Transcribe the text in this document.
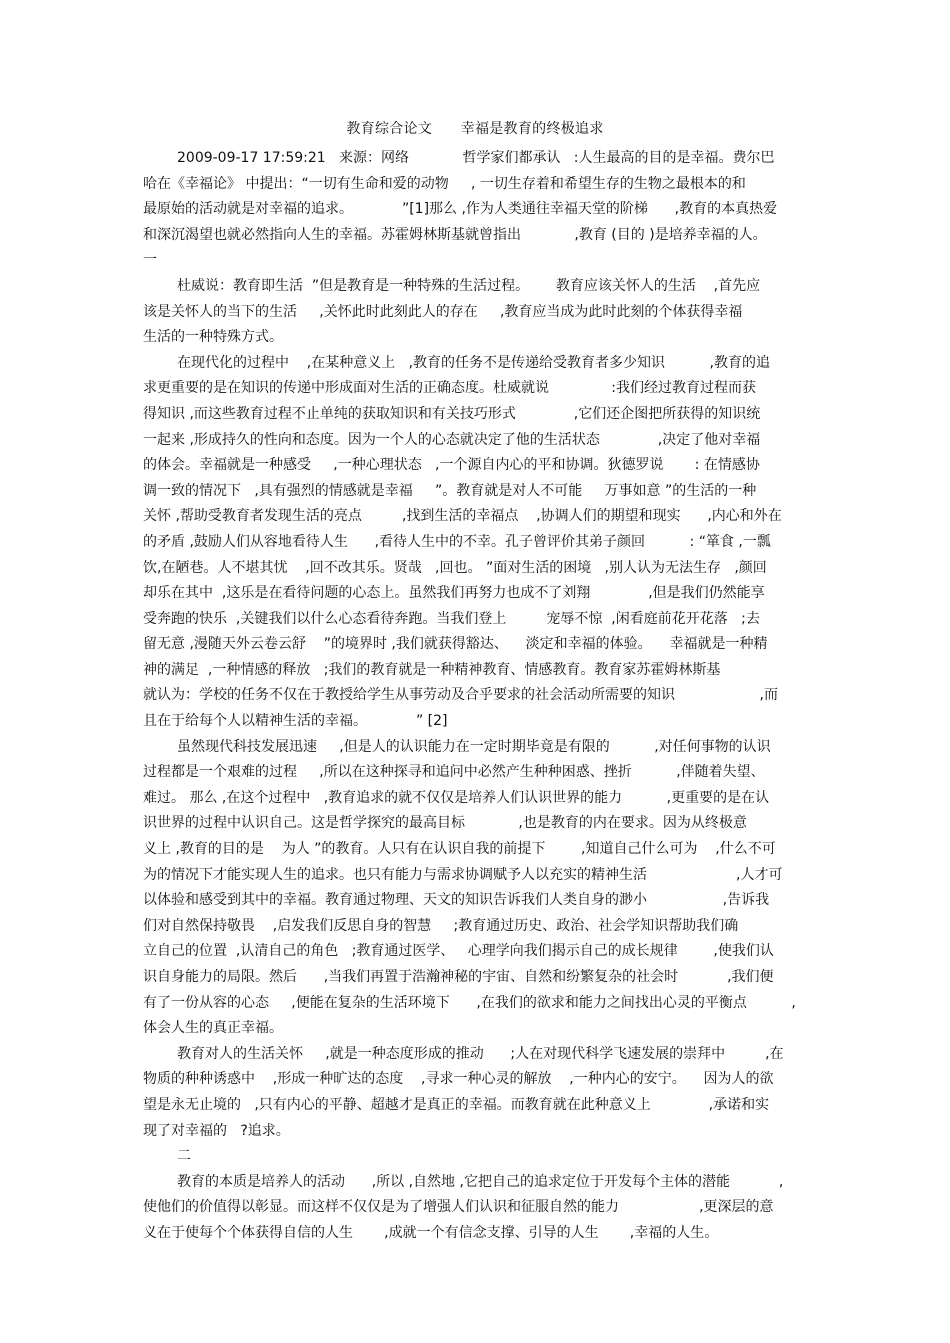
教育综合论文      幸福是教育的终极追求
2009-09-17 17:59:21   来源：网络            哲学家们都承认   :人生最高的目的是幸福。费尔巴
哈在《幸福论》 中提出：“一切有生命和爱的动物     , 一切生存着和希望生存的生物之最根本的和
最原始的活动就是对幸福的追求。           ”[1]那么 ,作为人类通往幸福天堂的阶梯      ,教育的本真热爱
和深沉渴望也就必然指向人生的幸福。苏霍姆林斯基就曾指出            ,教育 (目的 )是培养幸福的人。
一
杜威说：教育即生活  ”但是教育是一种特殊的生活过程。      教育应该关怀人的生活    ,首先应
该是关怀人的当下的生活     ,关怀此时此刻此人的存在     ,教育应当成为此时此刻的个体获得幸福
生活的一种特殊方式。
在现代化的过程中    ,在某种意义上   ,教育的任务不是传递给受教育者多少知识          ,教育的追
求更重要的是在知识的传递中形成面对生活的正确态度。杜威就说              :我们经过教育过程而获
得知识 ,而这些教育过程不止单纯的获取知识和有关技巧形式             ,它们还企图把所获得的知识统
一起来 ,形成持久的性向和态度。因为一个人的心态就决定了他的生活状态             ,决定了他对幸福
的体会。幸福就是一种感受     ,一种心理状态   ,一个源自内心的平和协调。狄德罗说       : 在情感协
调一致的情况下   ,具有强烈的情感就是幸福     ”。教育就是对人不可能     万事如意 ”的生活的一种
关怀 ,帮助受教育者发现生活的亮点         ,找到生活的幸福点    ,协调人们的期望和现实      ,内心和外在
的矛盾 ,鼓励人们从容地看待人生      ,看待人生中的不幸。孔子曾评价其弟子颜回          : “箪食 ,一瓢
饮,在陋巷。人不堪其忧    ,回不改其乐。贤哉   ,回也。 ”面对生活的困境   ,别人认为无法生存   ,颜回
却乐在其中  ,这乐是在看待问题的心态上。虽然我们再努力也成不了刘翔             ,但是我们仍然能享
受奔跑的快乐  ,关键我们以什么心态看待奔跑。当我们登上         宠辱不惊  ,闲看庭前花开花落   ;去
留无意 ,漫随天外云卷云舒    ”的境界时 ,我们就获得豁达、    淡定和幸福的体验。    幸福就是一种精
神的满足  ,一种情感的释放   ;我们的教育就是一种精神教育、情感教育。教育家苏霍姆林斯基
就认为：学校的任务不仅在于教授给学生从事劳动及合乎要求的社会活动所需要的知识                   ,而
且在于给每个人以精神生活的幸福。           ” [2]
虽然现代科技发展迅速     ,但是人的认识能力在一定时期毕竟是有限的          ,对任何事物的认识
过程都是一个艰难的过程     ,所以在这种探寻和追问中必然产生种种困惑、挫折          ,伴随着失望、
难过。 那么 ,在这个过程中   ,教育追求的就不仅仅是培养人们认识世界的能力          ,更重要的是在认
识世界的过程中认识自己。这是哲学探究的最高目标            ,也是教育的内在要求。因为从终极意
义上 ,教育的目的是    为人 ”的教育。人只有在认识自我的前提下        ,知道自己什么可为    ,什么不可
为的情况下才能实现人生的追求。也只有能力与需求协调赋予人以充实的精神生活                    ,人才可
以体验和感受到其中的幸福。教育通过物理、天文的知识告诉我们人类自身的渺小                 ,告诉我
们对自然保持敬畏    ,启发我们反思自身的智慧     ;教育通过历史、政治、社会学知识帮助我们确
立自己的位置  ,认清自己的角色   ;教育通过医学、   心理学向我们揭示自己的成长规律        ,使我们认
识自身能力的局限。然后      ,当我们再置于浩瀚神秘的宇宙、自然和纷繁复杂的社会时           ,我们便
有了一份从容的心态     ,便能在复杂的生活环境下      ,在我们的欲求和能力之间找出心灵的平衡点          ,
体会人生的真正幸福。
教育对人的生活关怀     ,就是一种态度形成的推动      ;人在对现代科学飞速发展的崇拜中         ,在
物质的种种诱惑中    ,形成一种旷达的态度    ,寻求一种心灵的解放    ,一种内心的安宁。    因为人的欲
望是永无止境的   ,只有内心的平静、超越才是真正的幸福。而教育就在此种意义上             ,承诺和实
现了对幸福的   ?追求。
二
教育的本质是培养人的活动      ,所以 ,自然地 ,它把自己的追求定位于开发每个主体的潜能           ,
使他们的价值得以彰显。而这样不仅仅是为了增强人们认识和征服自然的能力                  ,更深层的意
义在于使每个个体获得自信的人生       ,成就一个有信念支撑、引导的人生       ,幸福的人生。
